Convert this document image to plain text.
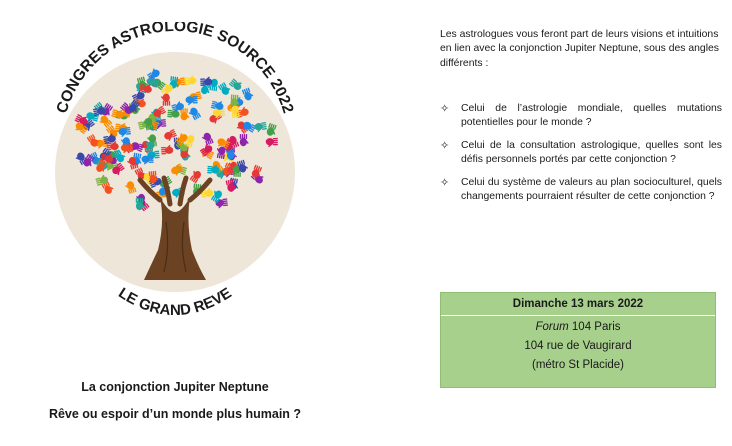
CONGRES ASTROLOGIE SOURCE 2022
LE GRAND REVE
La conjonction Jupiter Neptune
Rêve ou espoir d’un monde plus humain ?
Les astrologues vous feront part de leurs visions et intuitions en lien avec la conjonction Jupiter Neptune, sous des angles différents :
✧ Celui de l’astrologie mondiale, quelles mutations potentielles pour le monde ?
✧ Celui de la consultation astrologique, quelles sont les défis personnels portés par cette conjonction ?
✧ Celui du système de valeurs au plan socioculturel, quels changements pourraient résulter de cette conjonction ?
Dimanche 13 mars 2022
Forum 104 Paris
104 rue de Vaugirard
(métro St Placide)
